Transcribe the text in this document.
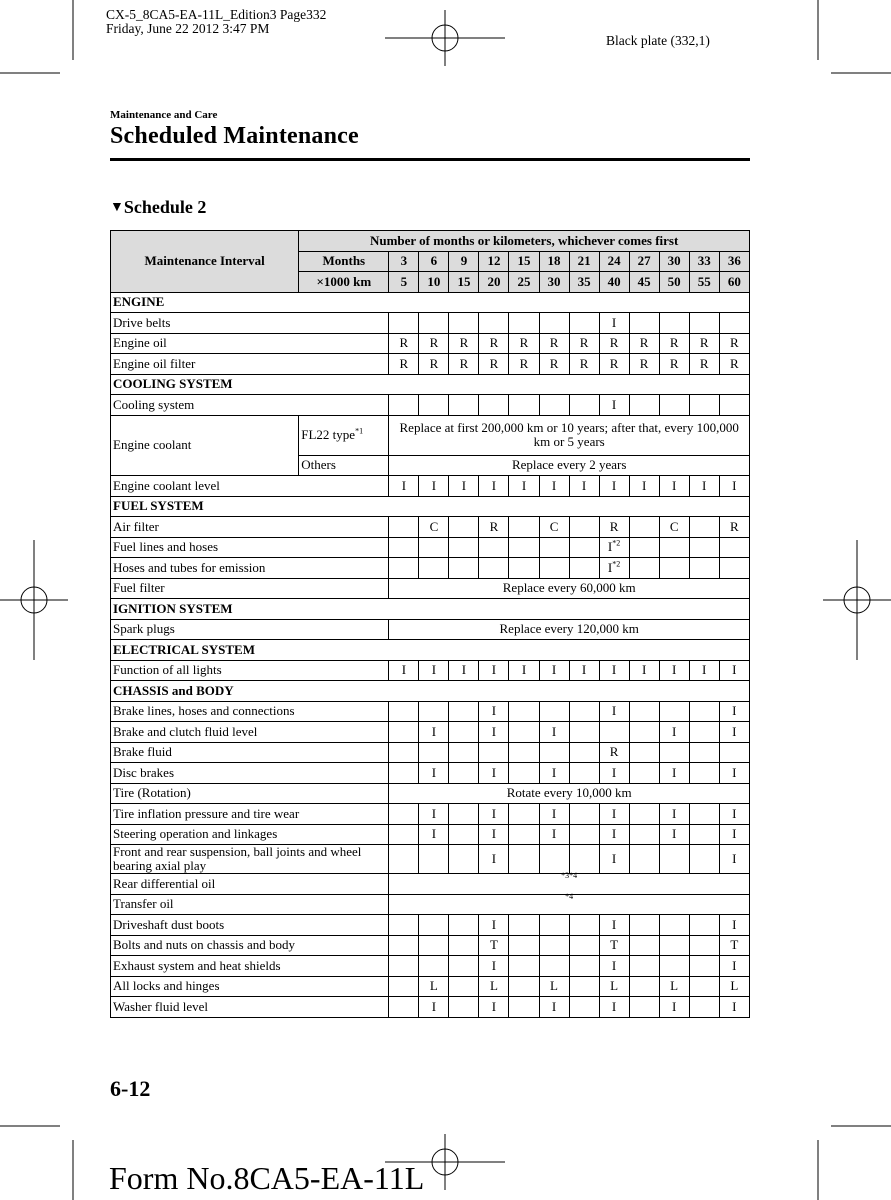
CX-5_8CA5-EA-11L_Edition3 Page332
Friday, June 22 2012 3:47 PM
Black plate (332,1)
Maintenance and Care
Scheduled Maintenance
▼Schedule 2
Maintenance Interval	Number of months or kilometers, whichever comes first												
	Months	3	6	9	12	15	18	21	24	27	30	33	36
	×1000 km	5	10	15	20	25	30	35	40	45	50	55	60
ENGINE													
Drive belts									I				
Engine oil		R	R	R	R	R	R	R	R	R	R	R	R
Engine oil filter		R	R	R	R	R	R	R	R	R	R	R	R
COOLING SYSTEM													
Cooling system									I				
Engine coolant	FL22 type$^{*1}$	Replace at first 200,000 km or 10 years; after that, every 100,000 km or 5 years											
	Others	Replace every 2 years											
Engine coolant level		I	I	I	I	I	I	I	I	I	I	I	I
FUEL SYSTEM													
Air filter			C		R		C		R		C		R
Fuel lines and hoses									$I^{*2}$				
Hoses and tubes for emission									$I^{*2}$				
Fuel filter		Replace every 60,000 km											
IGNITION SYSTEM													
Spark plugs		Replace every 120,000 km											
ELECTRICAL SYSTEM													
Function of all lights		I	I	I	I	I	I	I	I	I	I	I	I
CHASSIS and BODY													
Brake lines, hoses and connections					I				I				I
Brake and clutch fluid level			I		I		I				I		I
Brake fluid									R				
Disc brakes			I		I		I		I		I		I
Tire (Rotation)		Rotate every 10,000 km											
Tire inflation pressure and tire wear			I		I		I		I		I		I
Steering operation and linkages			I		I		I		I		I		I
Front and rear suspension, ball joints and wheel bearing axial play					I				I				I
Rear differential oil		$^{*3*4}$
Transfer oil		$^{*4}$
Driveshaft dust boots					I				I				I
Bolts and nuts on chassis and body					T				T				T
Exhaust system and heat shields					I				I				I
All locks and hinges			L		L		L		L		L		L
Washer fluid level			I		I		I		I		I		I
6-12
Form No.8CA5-EA-11L
